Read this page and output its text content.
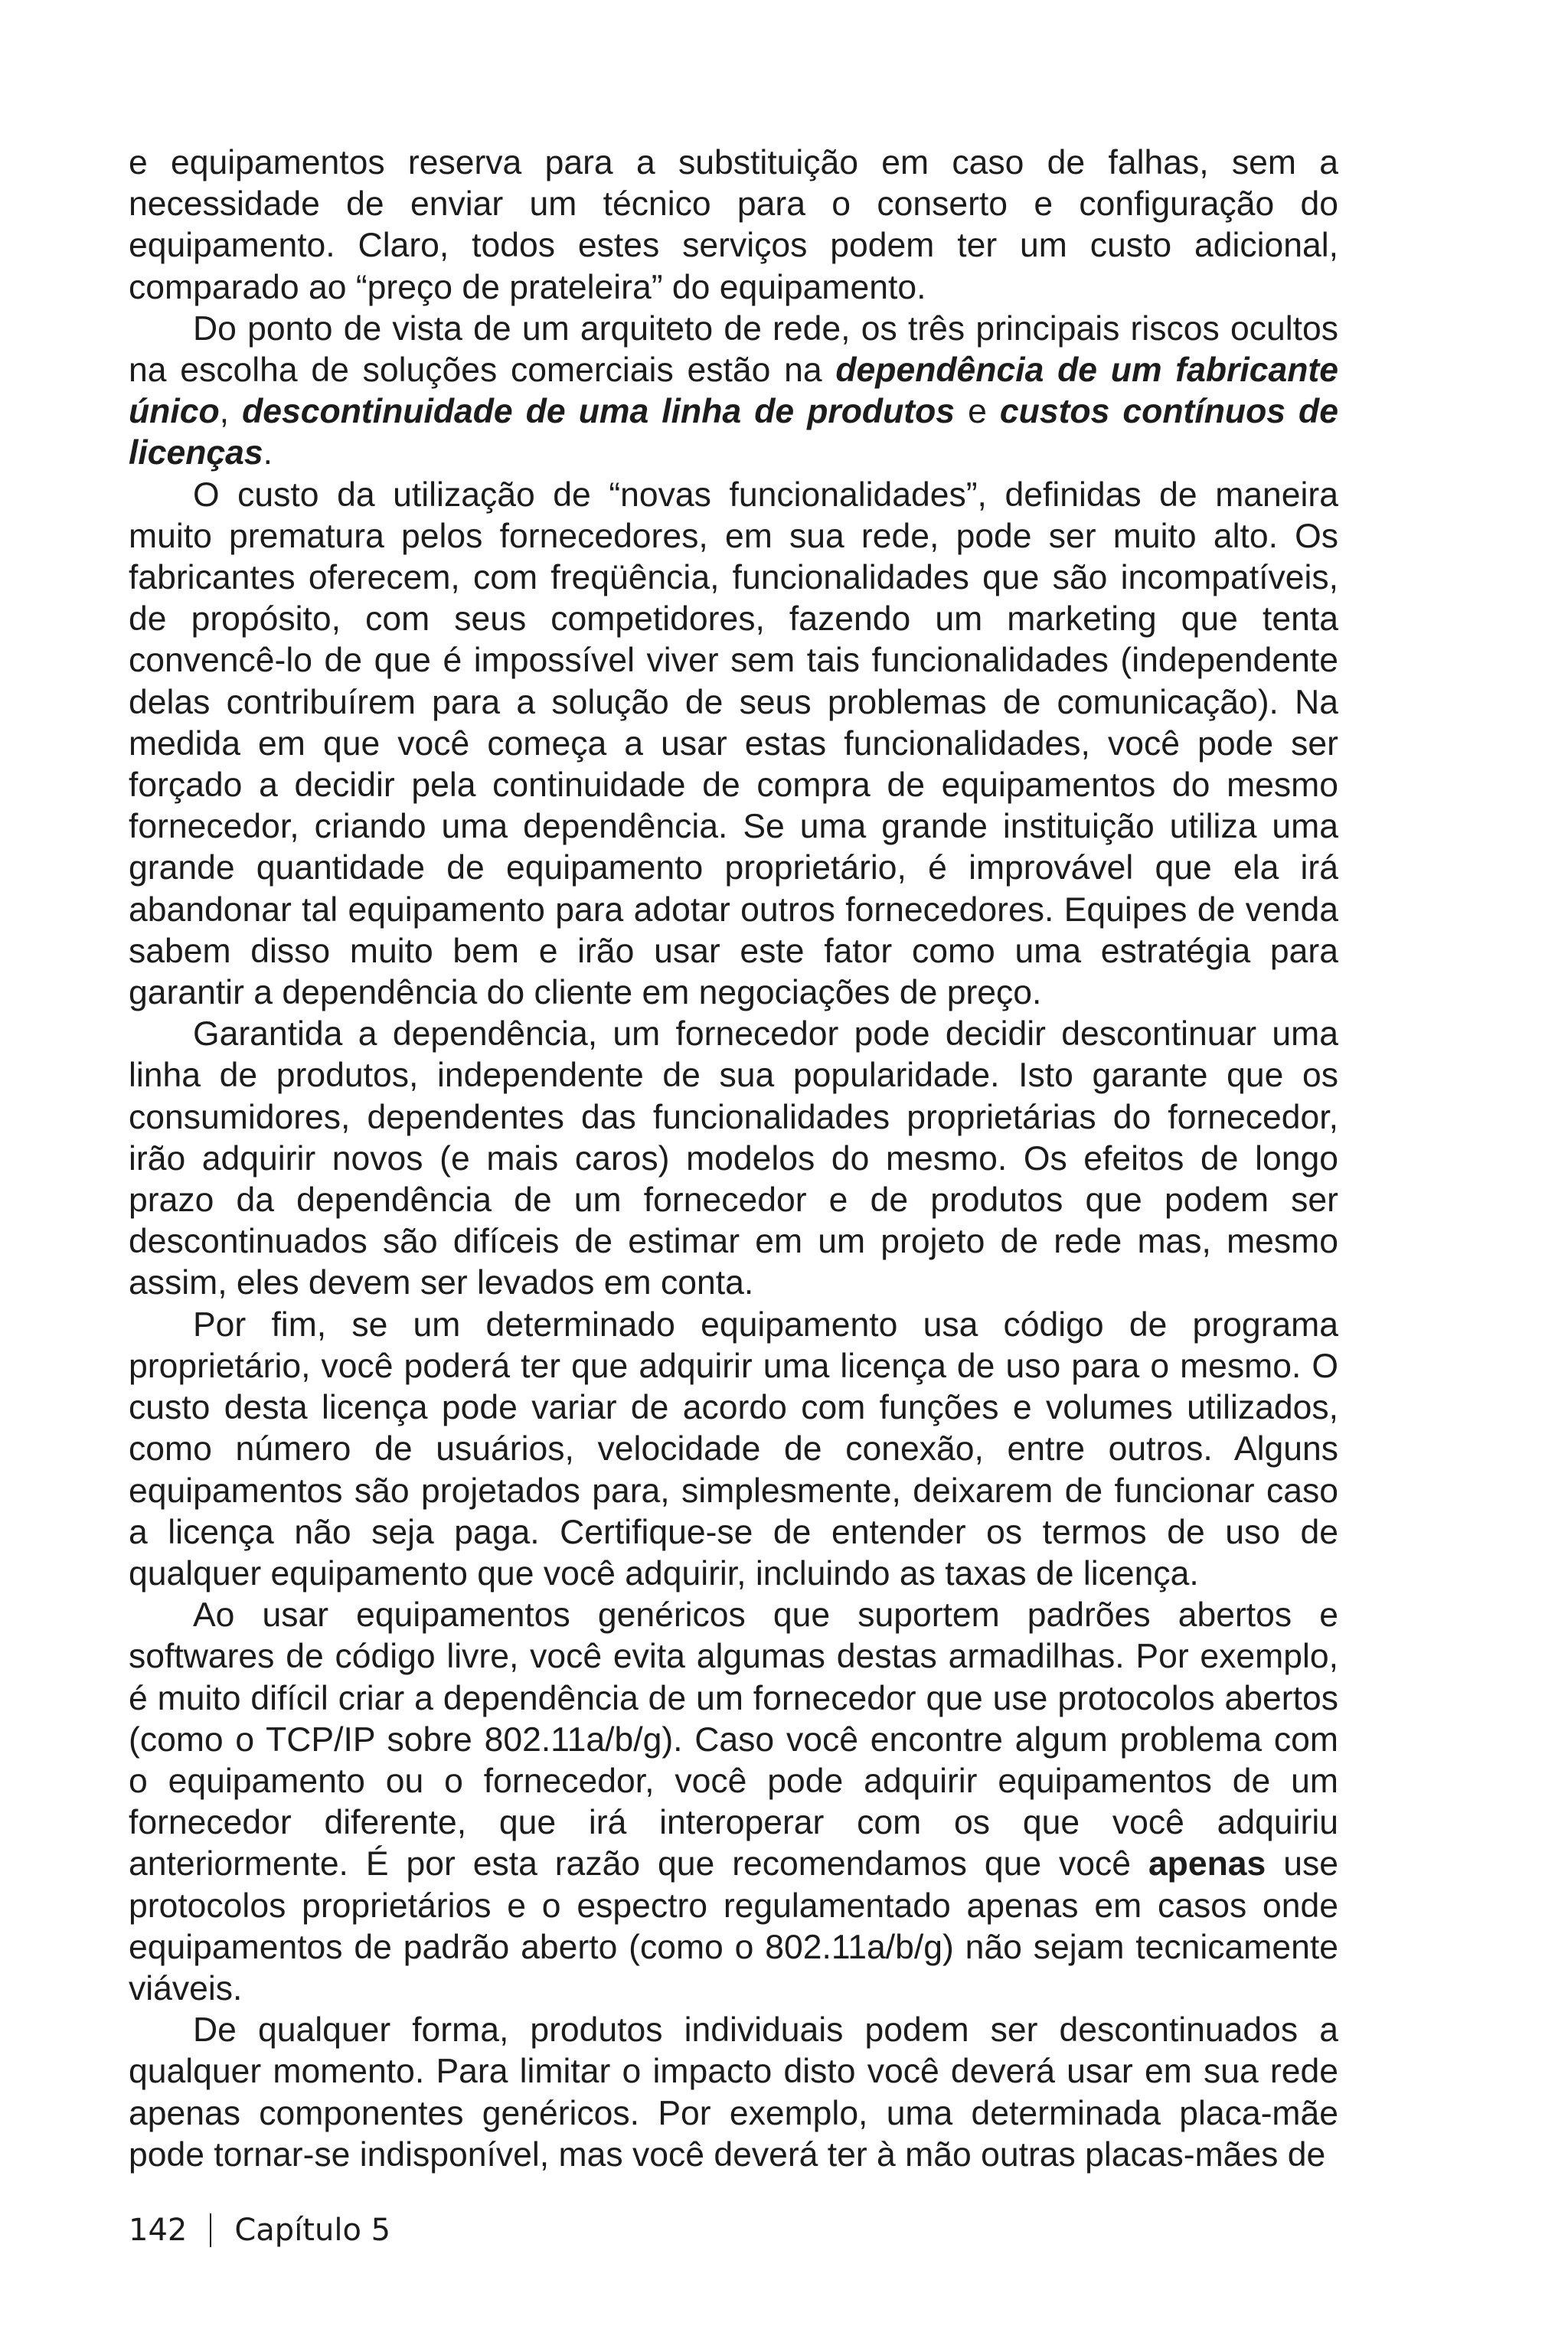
e equipamentos reserva para a substituição em caso de falhas, sem a necessidade de enviar um técnico para o conserto e configuração do equipamento. Claro, todos estes serviços podem ter um custo adicional, comparado ao “preço de prateleira” do equipamento.

Do ponto de vista de um arquiteto de rede, os três principais riscos ocultos na escolha de soluções comerciais estão na dependência de um fabricante único, descontinuidade de uma linha de produtos e custos contínuos de licenças.

O custo da utilização de “novas funcionalidades”, definidas de maneira muito prematura pelos fornecedores, em sua rede, pode ser muito alto. Os fabricantes oferecem, com freqüência, funcionalidades que são incompatíveis, de propósito, com seus competidores, fazendo um marketing que tenta convencê-lo de que é impossível viver sem tais funcionalidades (independente delas contribuírem para a solução de seus problemas de comunicação). Na medida em que você começa a usar estas funcionalidades, você pode ser forçado a decidir pela continuidade de compra de equipamentos do mesmo fornecedor, criando uma dependência. Se uma grande instituição utiliza uma grande quantidade de equipamento proprietário, é improvável que ela irá abandonar tal equipamento para adotar outros fornecedores. Equipes de venda sabem disso muito bem e irão usar este fator como uma estratégia para garantir a dependência do cliente em negociações de preço.

Garantida a dependência, um fornecedor pode decidir descontinuar uma linha de produtos, independente de sua popularidade. Isto garante que os consumidores, dependentes das funcionalidades proprietárias do fornecedor, irão adquirir novos (e mais caros) modelos do mesmo. Os efeitos de longo prazo da dependência de um fornecedor e de produtos que podem ser descontinuados são difíceis de estimar em um projeto de rede mas, mesmo assim, eles devem ser levados em conta.

Por fim, se um determinado equipamento usa código de programa proprietário, você poderá ter que adquirir uma licença de uso para o mesmo. O custo desta licença pode variar de acordo com funções e volumes utilizados, como número de usuários, velocidade de conexão, entre outros. Alguns equipamentos são projetados para, simplesmente, deixarem de funcionar caso a licença não seja paga. Certifique-se de entender os termos de uso de qualquer equipamento que você adquirir, incluindo as taxas de licença.

Ao usar equipamentos genéricos que suportem padrões abertos e softwares de código livre, você evita algumas destas armadilhas. Por exemplo, é muito difícil criar a dependência de um fornecedor que use protocolos abertos (como o TCP/IP sobre 802.11a/b/g). Caso você encontre algum problema com o equipamento ou o fornecedor, você pode adquirir equipamentos de um fornecedor diferente, que irá interoperar com os que você adquiriu anteriormente. É por esta razão que recomendamos que você apenas use protocolos proprietários e o espectro regulamentado apenas em casos onde equipamentos de padrão aberto (como o 802.11a/b/g) não sejam tecnicamente viáveis.

De qualquer forma, produtos individuais podem ser descontinuados a qualquer momento. Para limitar o impacto disto você deverá usar em sua rede apenas componentes genéricos. Por exemplo, uma determinada placa-mãe pode tornar-se indisponível, mas você deverá ter à mão outras placas-mães de

142 Capítulo 5
